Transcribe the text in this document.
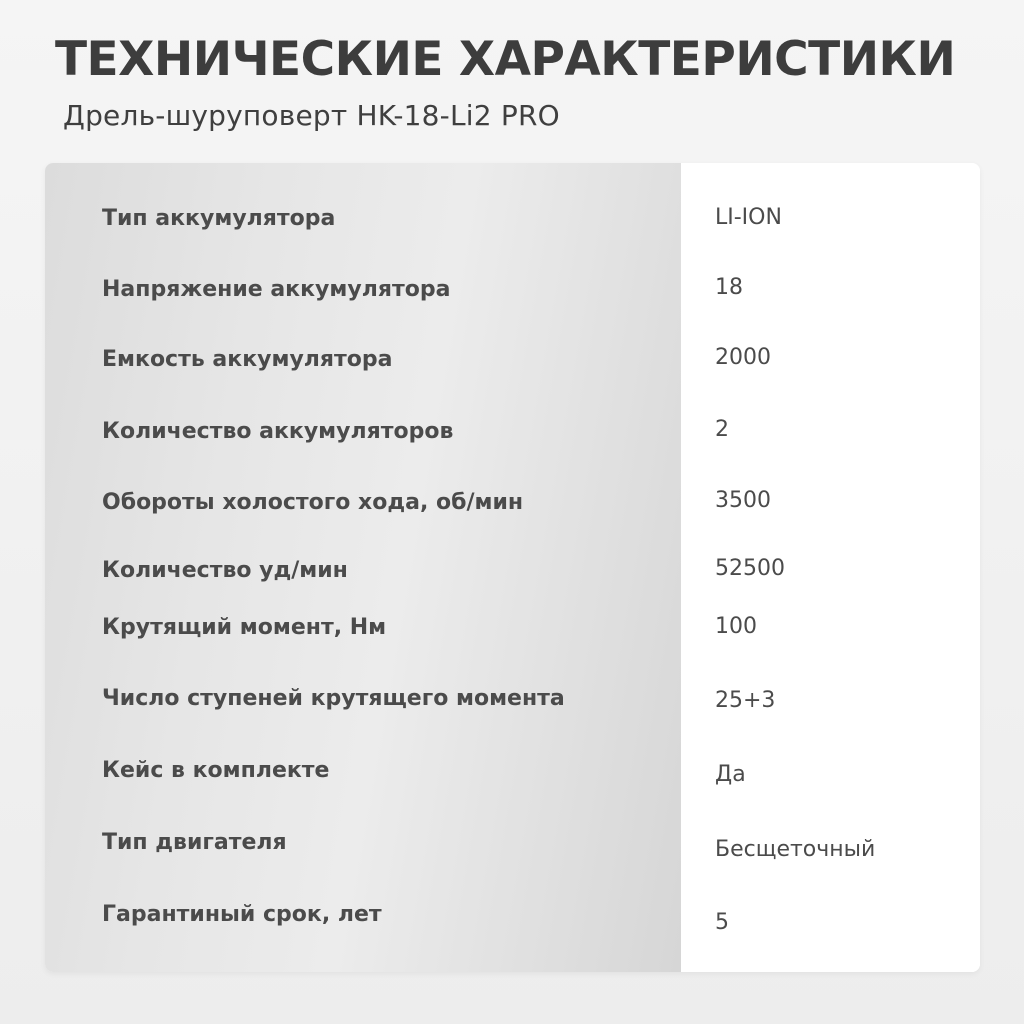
ТЕХНИЧЕСКИЕ ХАРАКТЕРИСТИКИ

Дрель-шуруповерт HK-18-Li2 PRO

Тип аккумулятора	LI-ION
Напряжение аккумулятора	18
Емкость аккумулятора	2000
Количество аккумуляторов	2
Обороты холостого хода, об/мин	3500
Количество уд/мин	52500
Крутящий момент, Нм	100
Число ступеней крутящего момента	25+3
Кейс в комплекте	Да
Тип двигателя	Бесщеточный
Гарантиный срок, лет	5
